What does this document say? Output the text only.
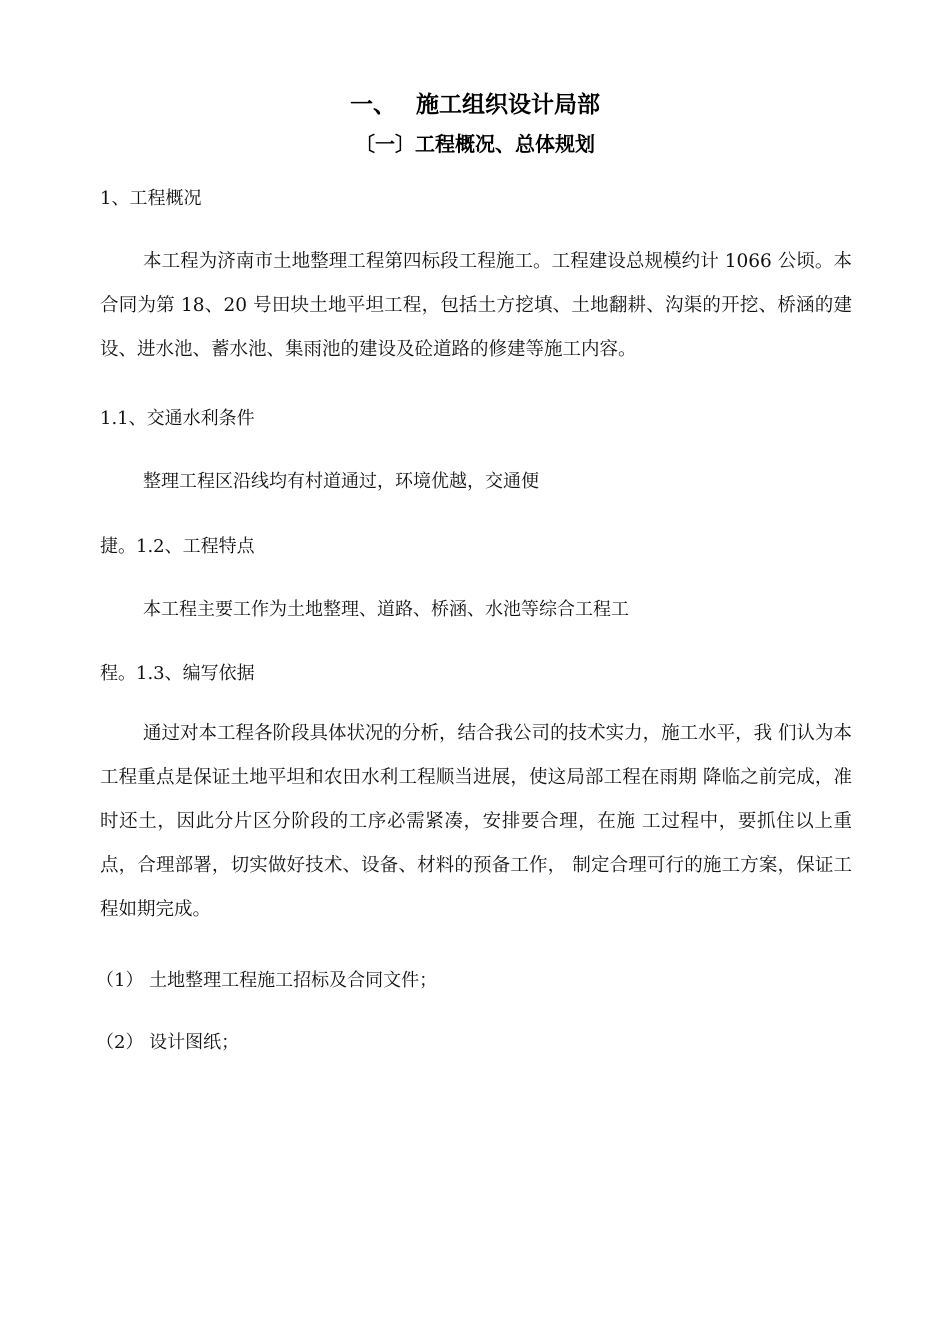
一、 施工组织设计局部
〔一〕工程概况、总体规划
1、工程概况
本工程为济南市土地整理工程第四标段工程施工。工程建设总规模约计 1066 公顷。本合同为第 18、20 号田块土地平坦工程，包括土方挖填、土地翻耕、沟渠的开挖、桥涵的建设、进水池、蓄水池、集雨池的建设及砼道路的修建等施工内容。
1.1、交通水利条件
整理工程区沿线均有村道通过，环境优越，交通便
捷。1.2、工程特点
本工程主要工作为土地整理、道路、桥涵、水池等综合工程工
程。1.3、编写依据
通过对本工程各阶段具体状况的分析，结合我公司的技术实力，施工水平，我 们认为本工程重点是保证土地平坦和农田水利工程顺当进展，使这局部工程在雨期 降临之前完成，准时还土，因此分片区分阶段的工序必需紧凑，安排要合理，在施 工过程中，要抓住以上重点，合理部署，切实做好技术、设备、材料的预备工作， 制定合理可行的施工方案，保证工程如期完成。
（1） 土地整理工程施工招标及合同文件；
（2） 设计图纸；
